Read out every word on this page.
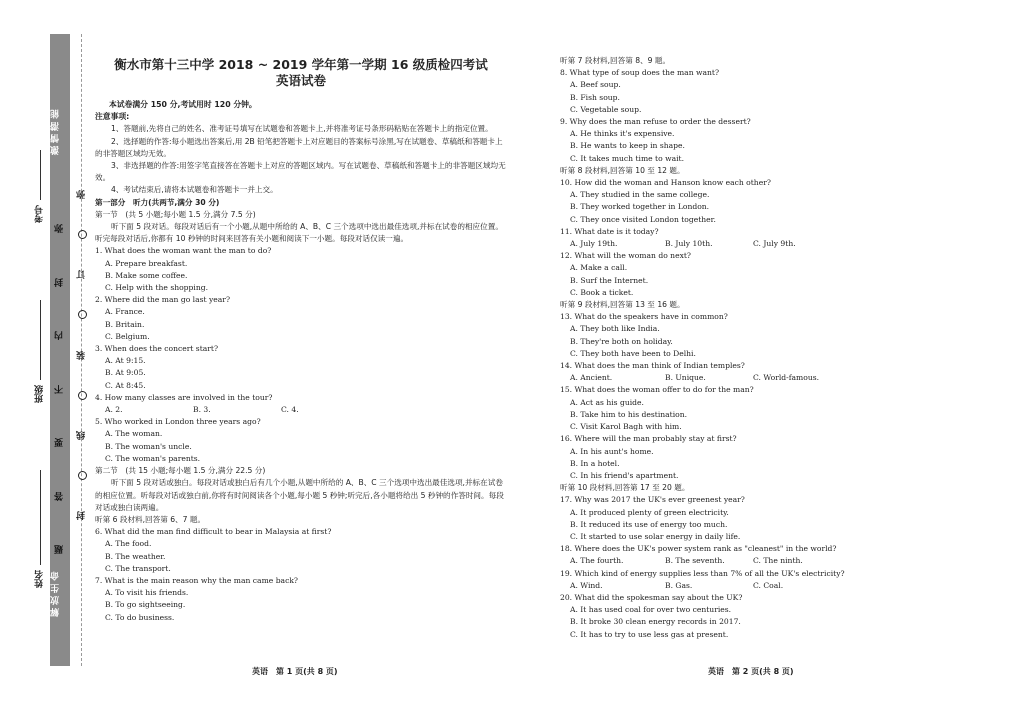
激 情 潜 能
弥
封
内
不
要
答
题
解 放 生 命
弥
订
装
线
封
考号
班级
姓名
衡水市第十三中学 2018 ~ 2019 学年第一学期 16 级质检四考试
英语试卷
本试卷满分 150 分,考试用时 120 分钟。
注意事项:
1、答题前,先将自己的姓名、准考证号填写在试题卷和答题卡上,并将准考证号条形码粘贴在答题卡上的指定位置。
2、选择题的作答:每小题选出答案后,用 2B 铅笔把答题卡上对应题目的答案标号涂黑,写在试题卷、草稿纸和答题卡上的非答题区域均无效。
3、非选择题的作答:用签字笔直接答在答题卡上对应的答题区域内。写在试题卷、草稿纸和答题卡上的非答题区域均无效。
4、考试结束后,请将本试题卷和答题卡一并上交。
第一部分　听力(共两节,满分 30 分)
第一节　(共 5 小题;每小题 1.5 分,满分 7.5 分)
听下面 5 段对话。每段对话后有一个小题,从题中所给的 A、B、C 三个选项中选出最佳选项,并标在试卷的相应位置。听完每段对话后,你都有 10 秒钟的时间来回答有关小题和阅读下一小题。每段对话仅读一遍。
1. What does the woman want the man to do?
A. Prepare breakfast.
B. Make some coffee.
C. Help with the shopping.
2. Where did the man go last year?
A. France.
B. Britain.
C. Belgium.
3. When does the concert start?
A. At 9:15.
B. At 9:05.
C. At 8:45.
4. How many classes are involved in the tour?
A. 2.	B. 3.	C. 4.
5. Who worked in London three years ago?
A. The woman.
B. The woman's uncle.
C. The woman's parents.
第二节　(共 15 小题;每小题 1.5 分,满分 22.5 分)
听下面 5 段对话或独白。每段对话或独白后有几个小题,从题中所给的 A、B、C 三个选项中选出最佳选项,并标在试卷的相应位置。听每段对话或独白前,你将有时间阅读各个小题,每小题 5 秒钟;听完后,各小题将给出 5 秒钟的作答时间。每段对话或独白读两遍。
听第 6 段材料,回答第 6、7 题。
6. What did the man find difficult to bear in Malaysia at first?
A. The food.
B. The weather.
C. The transport.
7. What is the main reason why the man came back?
A. To visit his friends.
B. To go sightseeing.
C. To do business.
听第 7 段材料,回答第 8、9 题。
8. What type of soup does the man want?
A. Beef soup.
B. Fish soup.
C. Vegetable soup.
9. Why does the man refuse to order the dessert?
A. He thinks it's expensive.
B. He wants to keep in shape.
C. It takes much time to wait.
听第 8 段材料,回答第 10 至 12 题。
10. How did the woman and Hanson know each other?
A. They studied in the same college.
B. They worked together in London.
C. They once visited London together.
11. What date is it today?
A. July 19th.	B. July 10th.	C. July 9th.
12. What will the woman do next?
A. Make a call.
B. Surf the Internet.
C. Book a ticket.
听第 9 段材料,回答第 13 至 16 题。
13. What do the speakers have in common?
A. They both like India.
B. They're both on holiday.
C. They both have been to Delhi.
14. What does the man think of Indian temples?
A. Ancient.	B. Unique.	C. World-famous.
15. What does the woman offer to do for the man?
A. Act as his guide.
B. Take him to his destination.
C. Visit Karol Bagh with him.
16. Where will the man probably stay at first?
A. In his aunt's home.
B. In a hotel.
C. In his friend's apartment.
听第 10 段材料,回答第 17 至 20 题。
17. Why was 2017 the UK's ever greenest year?
A. It produced plenty of green electricity.
B. It reduced its use of energy too much.
C. It started to use solar energy in daily life.
18. Where does the UK's power system rank as "cleanest" in the world?
A. The fourth.	B. The seventh.	C. The ninth.
19. Which kind of energy supplies less than 7% of all the UK's electricity?
A. Wind.	B. Gas.	C. Coal.
20. What did the spokesman say about the UK?
A. It has used coal for over two centuries.
B. It broke 30 clean energy records in 2017.
C. It has to try to use less gas at present.
英语　第 1 页(共 8 页)	英语　第 2 页(共 8 页)
